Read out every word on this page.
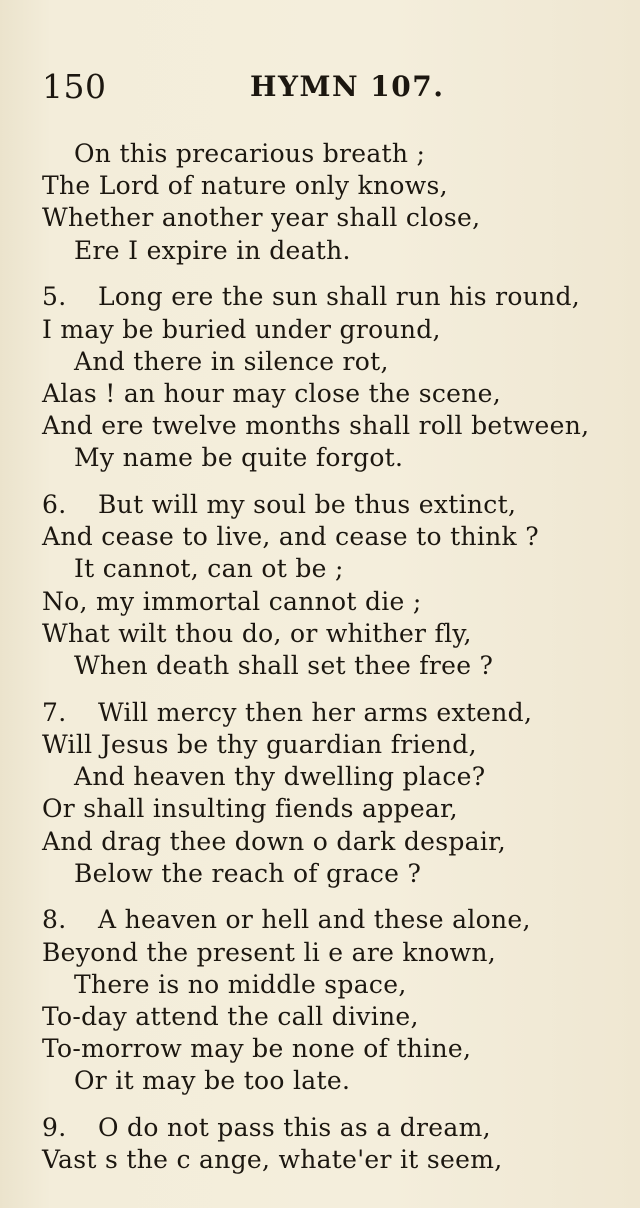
150	HYMN 107.
On this precarious breath ;
The Lord of nature only knows,
Whether another year shall close,
Ere I expire in death.
5. Long ere the sun shall run his round,
I may be buried under ground,
And there in silence rot,
Alas ! an hour may close the scene,
And ere twelve months shall roll between,
My name be quite forgot.
6. But will my soul be thus extinct,
And cease to live, and cease to think ?
It cannot, can ot be ;
No, my immortal cannot die ;
What wilt thou do, or whither fly,
When death shall set thee free ?
7. Will mercy then her arms extend,
Will Jesus be thy guardian friend,
And heaven thy dwelling place?
Or shall insulting fiends appear,
And drag thee down o dark despair,
Below the reach of grace ?
8. A heaven or hell and these alone,
Beyond the present li e are known,
There is no middle space,
To-day attend the call divine,
To-morrow may be none of thine,
Or it may be too late.
9. O do not pass this as a dream,
Vast s the c ange, whate'er it seem,
